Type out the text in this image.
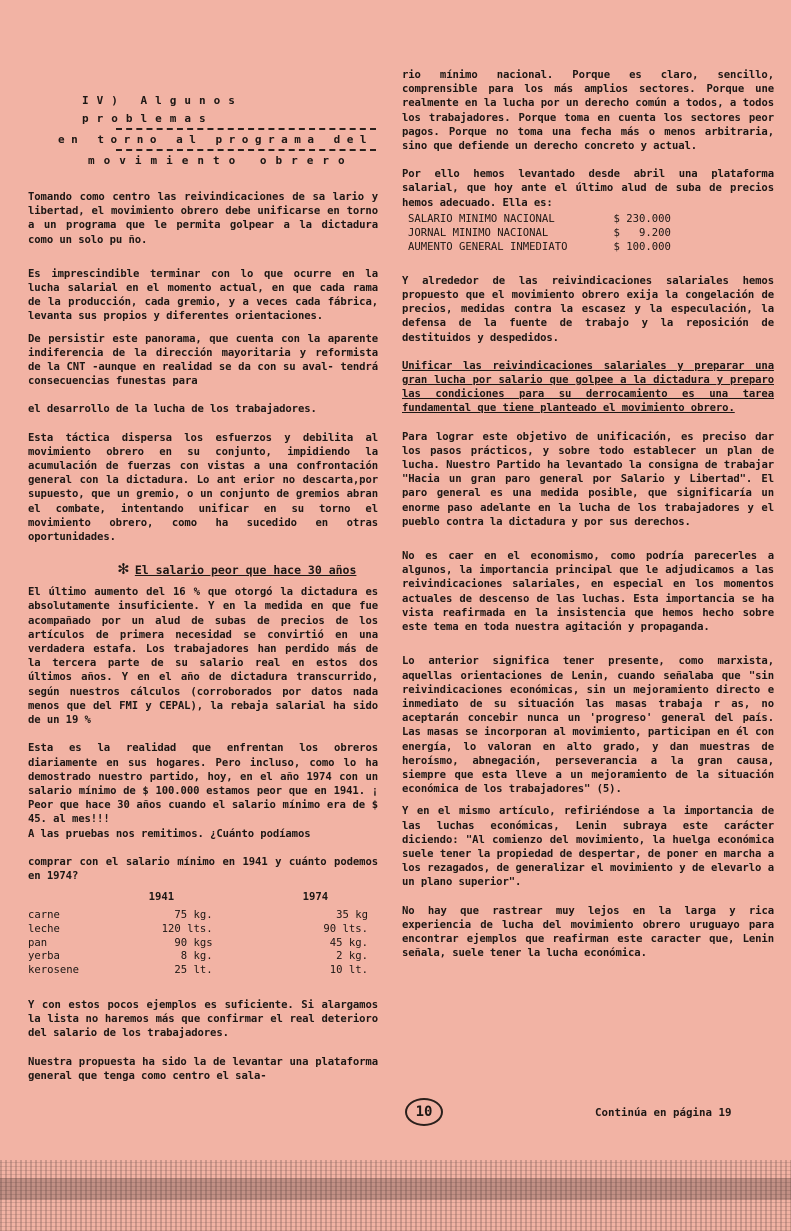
IV) Algunos problemas
en torno al programa del
movimiento obrero

Tomando como centro las reivindicaciones de sa lario y libertad, el movimiento obrero debe unificarse en torno a un programa que le permita golpear a la dictadura como un solo pu ño.

Es imprescindible terminar con lo que ocurre en la lucha salarial en el momento actual, en que cada rama de la producción, cada gremio, y a veces cada fábrica, levanta sus propios y diferentes orientaciones.

De persistir este panorama, que cuenta con la aparente indiferencia de la dirección mayoritaria y reformista de la CNT -aunque en realidad se da con su aval- tendrá consecuencias funestas para

el desarrollo de la lucha de los trabajadores.

Esta táctica dispersa los esfuerzos y debilita al movimiento obrero en su conjunto, impidiendo la acumulación de fuerzas con vistas a una confrontación general con la dictadura. Lo ant erior no descarta,por supuesto, que un gremio, o un conjunto de gremios abran el combate, intentando unificar en su torno el movimiento obrero, como ha sucedido en otras oportunidades.

✻ El salario peor que hace 30 años

El último aumento del 16 % que otorgó la dictadura es absolutamente insuficiente. Y en la medida en que fue acompañado por un alud de subas de precios de los artículos de primera necesidad se convirtió en una verdadera estafa. Los trabajadores han perdido más de la tercera parte de su salario real en estos dos últimos años. Y en el año de dictadura transcurrido, según nuestros cálculos (corroborados por datos nada menos que del FMI y CEPAL), la rebaja salarial ha sido de un 19 %

Esta es la realidad que enfrentan los obreros diariamente en sus hogares. Pero incluso, como lo ha demostrado nuestro partido, hoy, en el año 1974 con un salario mínimo de $ 100.000 estamos peor que en 1941. ¡ Peor que hace 30 años cuando el salario mínimo era de $ 45. al mes!!!

A las pruebas nos remitimos. ¿Cuánto podíamos

comprar con el salario mínimo en 1941 y cuánto podemos en 1974?

	1941	1974
carne	75 kg.	35 kg
leche	120 lts.	90 lts.
pan	90 kgs	45 kg.
yerba	8 kg.	2 kg.
kerosene	25 lt.	10 lt.

Y con estos pocos ejemplos es suficiente. Si alargamos la lista no haremos más que confirmar el real deterioro del salario de los trabajadores.

Nuestra propuesta ha sido la de levantar una plataforma general que tenga como centro el sala-

rio mínimo nacional. Porque es claro, sencillo, comprensible para los más amplios sectores. Porque une realmente en la lucha por un derecho común a todos, a todos los trabajadores. Porque toma en cuenta los sectores peor pagos. Porque no toma una fecha más o menos arbitraria, sino que defiende un derecho concreto y actual.

Por ello hemos levantado desde abril una plataforma salarial, que hoy ante el último alud de suba de precios hemos adecuado. Ella es:

SALARIO MINIMO NACIONAL	$ 230.000
JORNAL MINIMO NACIONAL	$   9.200
AUMENTO GENERAL INMEDIATO	$ 100.000

Y alrededor de las reivindicaciones salariales hemos propuesto que el movimiento obrero exija la congelación de precios, medidas contra la escasez y la especulación, la defensa de la fuente de trabajo y la reposición de destituidos y despedidos.

Unificar las reivindicaciones salariales y preparar una gran lucha por salario que golpee a la dictadura y preparo las condiciones para su derrocamiento es una tarea fundamental que tiene planteado el movimiento obrero.

Para lograr este objetivo de unificación, es preciso dar los pasos prácticos, y sobre todo establecer un plan de lucha. Nuestro Partido ha levantado la consigna de trabajar "Hacia un gran paro general por Salario y Libertad". El paro general es una medida posible, que significaría un enorme paso adelante en la lucha de los trabajadores y el pueblo contra la dictadura y por sus derechos.

No es caer en el economismo, como podría parecerles a algunos, la importancia principal que le adjudicamos a las reivindicaciones salariales, en especial en los momentos actuales de descenso de las luchas. Esta importancia se ha vista reafirmada en la insistencia que hemos hecho sobre este tema en toda nuestra agitación y propaganda.

Lo anterior significa tener presente, como marxista, aquellas orientaciones de Lenin, cuando señalaba que "sin reivindicaciones económicas, sin un mejoramiento directo e inmediato de su situación las masas trabaja r as, no aceptarán concebir nunca un 'progreso' general del país. Las masas se incorporan al movimiento, participan en él con energía, lo valoran en alto grado, y dan muestras de heroísmo, abnegación, perseverancia a la gran causa, siempre que esta lleve a un mejoramiento de la situación económica de los trabajadores" (5).

Y en el mismo artículo, refiriéndose a la importancia de las luchas económicas, Lenin subraya este carácter diciendo: "Al comienzo del movimiento, la huelga económica suele tener la propiedad de despertar, de poner en marcha a los rezagados, de generalizar el movimiento y de elevarlo a un plano superior".

No hay que rastrear muy lejos en la larga y rica experiencia de lucha del movimiento obrero uruguayo para encontrar ejemplos que reafirman este caracter que, Lenin señala, suele tener la lucha económica.

10	Continúa en página 19
